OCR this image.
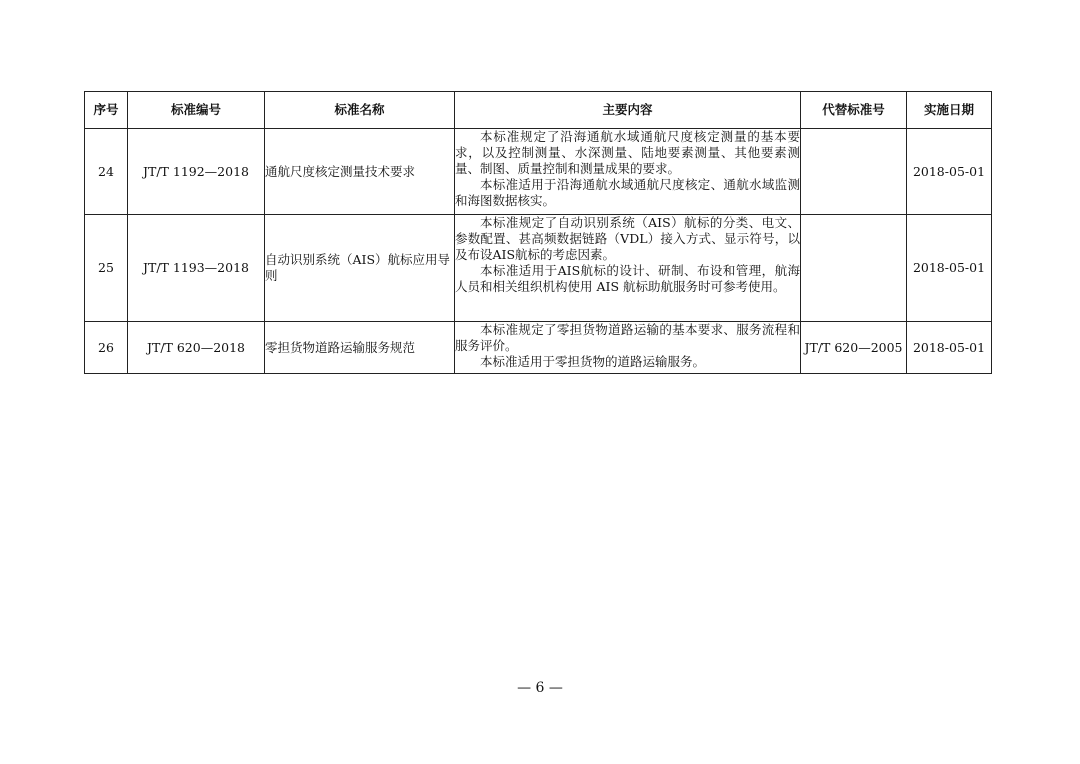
序号	标准编号	标准名称	主要内容	代替标准号	实施日期
24	JT/T 1192—2018	通航尺度核定测量技术要求	本标准规定了沿海通航水域通航尺度核定测量的基本要求，以及控制测量、水深测量、陆地要素测量、其他要素测量、制图、质量控制和测量成果的要求。

本标准适用于沿海通航水域通航尺度核定、通航水域监测和海图数据核实。		2018-05-01
25	JT/T 1193—2018	自动识别系统（AIS）航标应用导则	本标准规定了自动识别系统（AIS）航标的分类、电文、参数配置、甚高频数据链路（VDL）接入方式、显示符号，以及布设AIS航标的考虑因素。

本标准适用于AIS航标的设计、研制、布设和管理，航海人员和相关组织机构使用 AIS 航标助航服务时可参考使用。		2018-05-01
26	JT/T 620—2018	零担货物道路运输服务规范	本标准规定了零担货物道路运输的基本要求、服务流程和服务评价。

本标准适用于零担货物的道路运输服务。	JT/T 620—2005	2018-05-01
— 6 —
